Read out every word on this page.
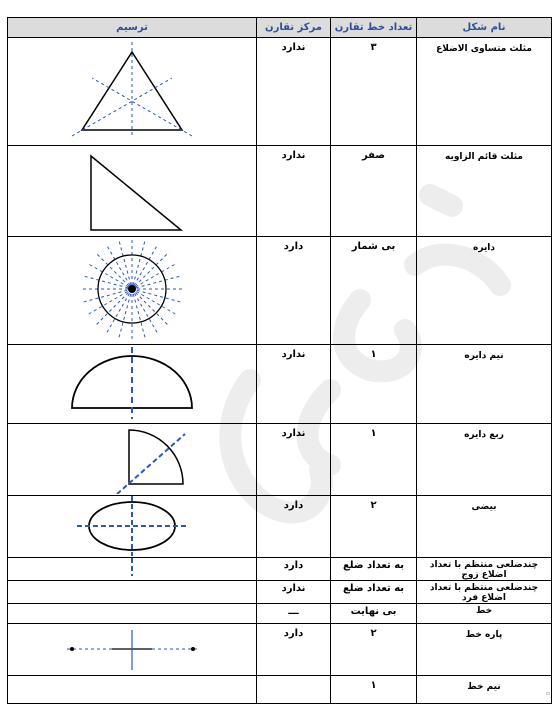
ترسیم	مرکز تقارن	تعداد خط تقارن	نام شکل

ندارد	۳	مثلث متساوی الاضلاع

ندارد	صفر	مثلث قائم الزاویه

دارد	بی شمار	دایره

ندارد	۱	نیم دایره

ندارد	۱	ربع دایره

دارد	۲	بیضی

دارد	به تعداد ضلع	چندضلعی منتظم با تعداد اضلاع زوج

	ندارد	به تعداد ضلع	چندضلعی منتظم با تعداد اضلاع فرد

	ـــ	بی نهایت	خط

دارد	۲	پاره خط

		۱	نیم خط
▫
